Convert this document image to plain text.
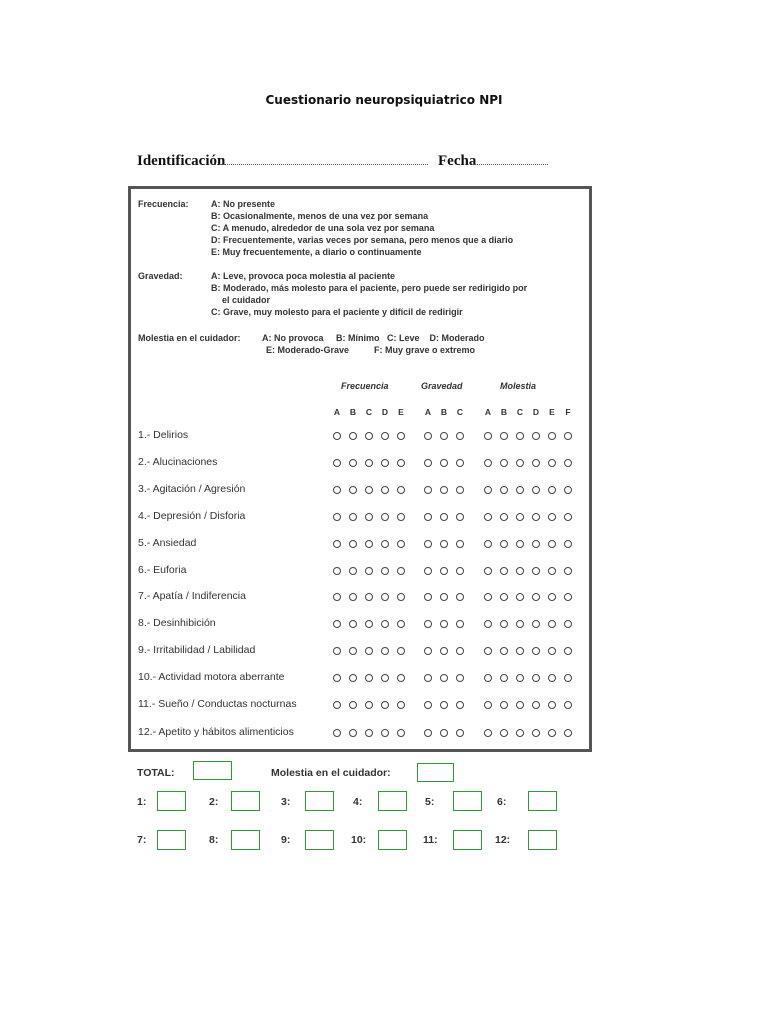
Cuestionario neuropsiquiatrico NPI
Identificación	Fecha
Frecuencia: A: No presente
B: Ocasionalmente, menos de una vez por semana
C: A menudo, alrededor de una sola vez por semana
D: Frecuentemente, varias veces por semana, pero menos que a diario
E: Muy frecuentemente, a diario o continuamente
Gravedad:	A: Leve, provoca poca molestia al paciente
B: Moderado, más molesto para el paciente, pero puede ser redirigido por
el cuidador
C: Grave, muy molesto para el paciente y difícil de redirigir
Molestia en el cuidador: A: No provoca     B: Mínimo   C: Leve    D: Moderado
E: Moderado-Grave          F: Muy grave o extremo
Frecuencia	Gravedad	Molestia
A	B	C	D	E	A	B	C	A	B	C	D	E	F
1.- Delirios
2.- Alucinaciones
3.- Agitación / Agresión
4.- Depresión / Disforia
5.- Ansiedad
6.- Euforia
7.- Apatía / Indiferencia
8.- Desinhibición
9.- Irritabilidad / Labilidad
10.- Actividad motora aberrante
11.- Sueño / Conductas nocturnas
12.- Apetito y hábitos alimenticios
TOTAL:	Molestia en el cuidador:
1:	2:	3:	4:	5:	6:
7:	8:	9:	10:	11:	12:
